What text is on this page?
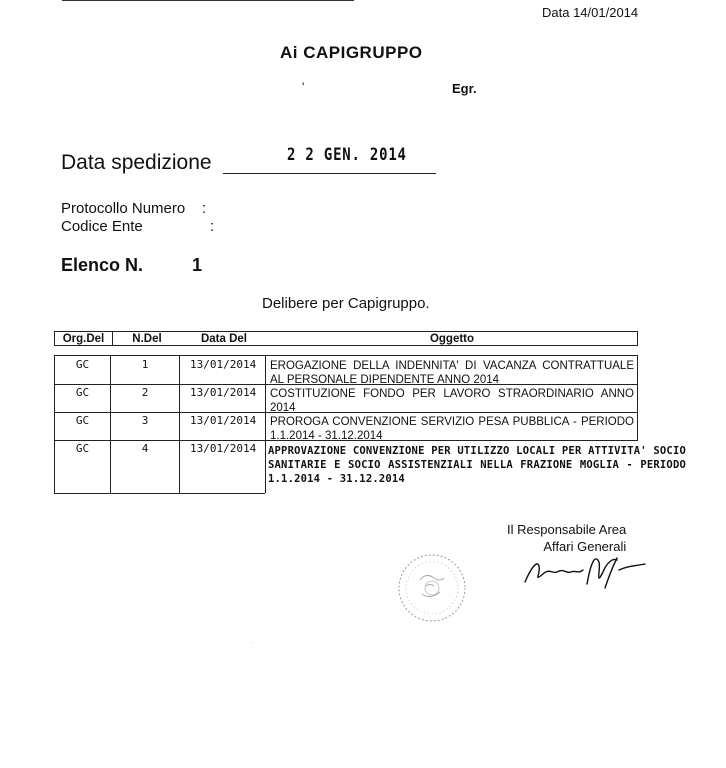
Data 14/01/2014
Ai CAPIGRUPPO
'	Egr.
Data spedizione	2 2 GEN. 2014
Protocollo Numero :
Codice Ente	:
Elenco N.	1
Delibere per Capigruppo.
Org.Del	N.Del	Data Del	Oggetto
GC	1	13/01/2014 EROGAZIONE DELLA INDENNITA' DI VACANZA CONTRATTUALE AL PERSONALE DIPENDENTE ANNO 2014
GC	2	13/01/2014 COSTITUZIONE FONDO PER LAVORO STRAORDINARIO ANNO 2014
GC	3	13/01/2014 PROROGA CONVENZIONE SERVIZIO PESA PUBBLICA - PERIODO 1.1.2014 - 31.12.2014
GC	4	13/01/2014 APPROVAZIONE CONVENZIONE PER UTILIZZO LOCALI PER ATTIVITA' SOCIO SANITARIE E SOCIO ASSISTENZIALI NELLA FRAZIONE MOGLIA - PERIODO 1.1.2014 - 31.12.2014
Il Responsabile Area
Affari Generali
·
